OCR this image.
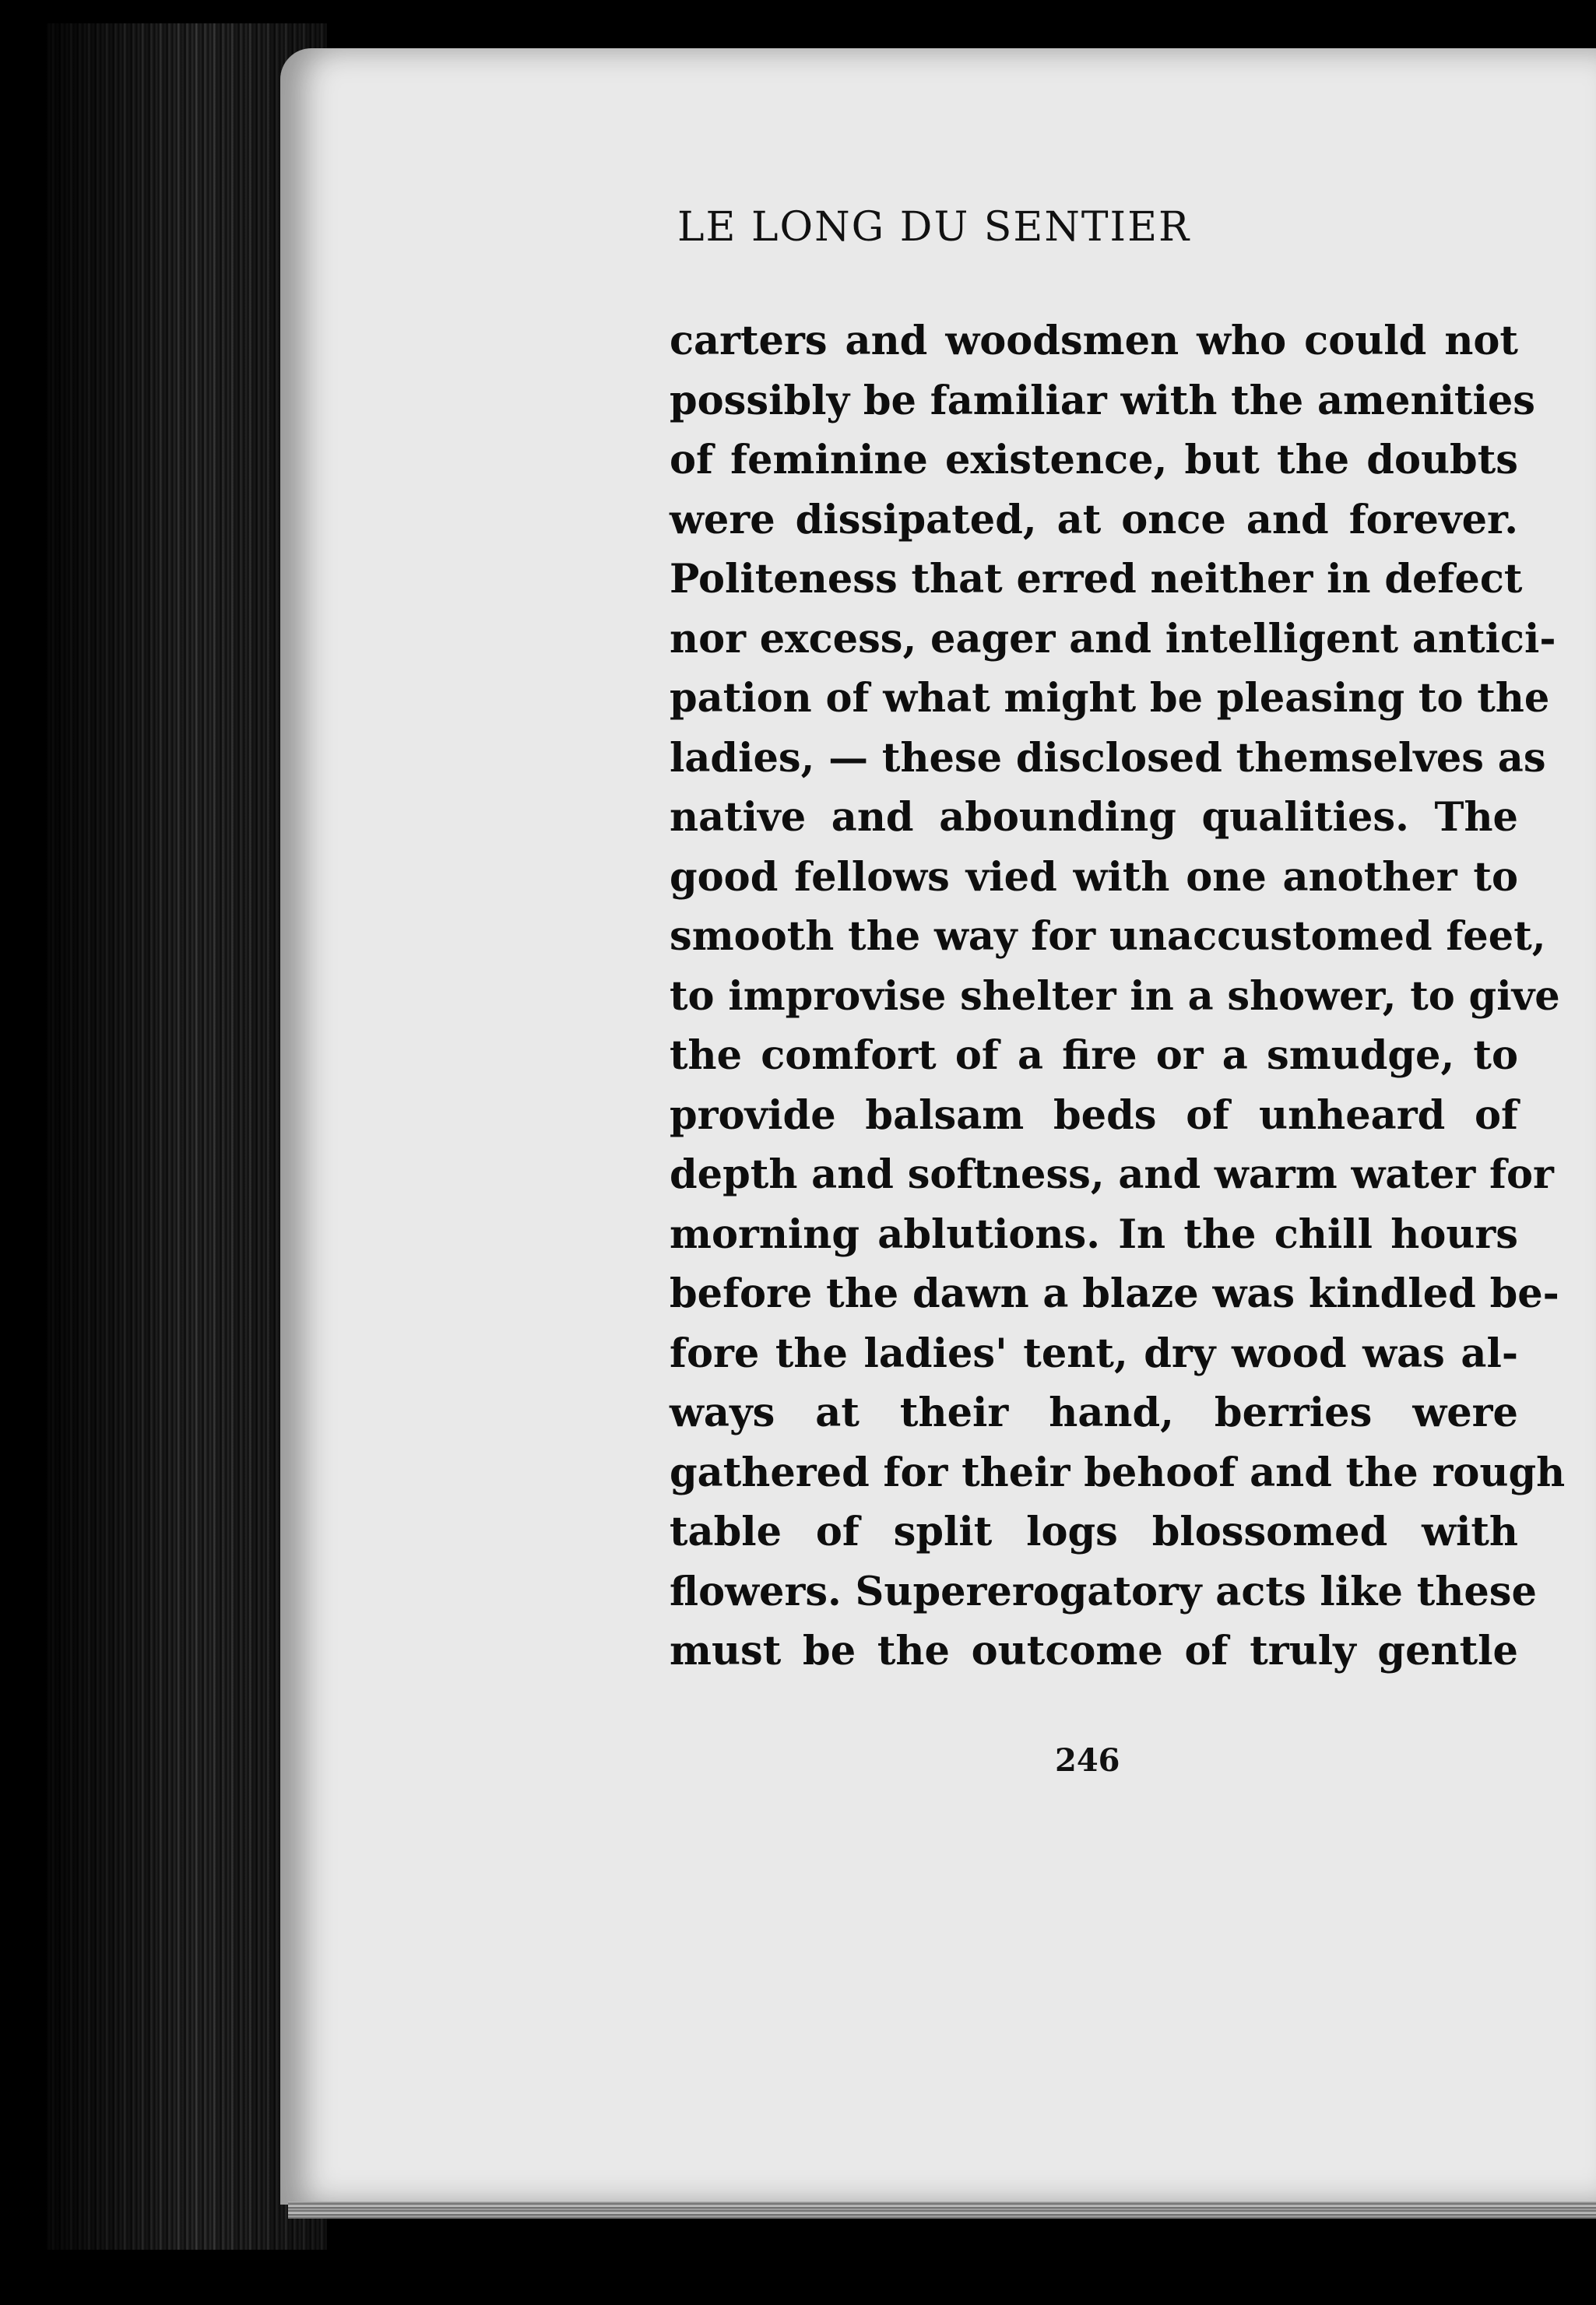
LE LONG DU SENTIER
carters and woodsmen who could not
possibly be familiar with the amenities
of feminine existence, but the doubts
were dissipated, at once and forever.
Politeness that erred neither in defect
nor excess, eager and intelligent antici-
pation of what might be pleasing to the
ladies, — these disclosed themselves as
native and abounding qualities. The
good fellows vied with one another to
smooth the way for unaccustomed feet,
to improvise shelter in a shower, to give
the comfort of a fire or a smudge, to
provide balsam beds of unheard of
depth and softness, and warm water for
morning ablutions. In the chill hours
before the dawn a blaze was kindled be-
fore the ladies' tent, dry wood was al-
ways at their hand, berries were
gathered for their behoof and the rough
table of split logs blossomed with
flowers. Supererogatory acts like these
must be the outcome of truly gentle
246
